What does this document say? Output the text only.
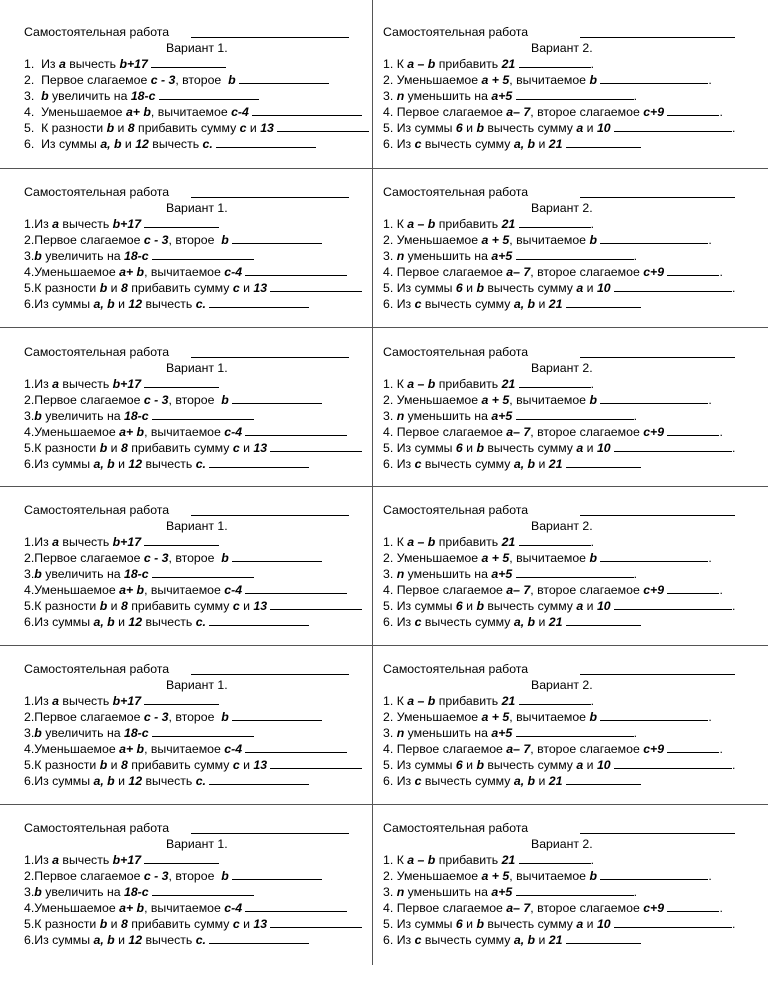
Самостоятельная работа
Вариант 1.
1.  Из a вычесть b+17
2.  Первое слагаемое c - 3, второе  b
3.  b увеличить на 18-c
4.  Уменьшаемое a+ b, вычитаемое c-4
5.  К разности b и 8 прибавить сумму c и 13
6.  Из суммы a, b и 12 вычесть c.
Самостоятельная работа
Вариант 2.
1. К a – b прибавить 21	.
2. Уменьшаемое a + 5, вычитаемое b	.
3. n уменьшить на a+5	.
4. Первое слагаемое a– 7, второе слагаемое c+9	.
5. Из суммы 6 и b вычесть сумму a и 10	.
6. Из c вычесть сумму a, b и 21
Самостоятельная работа
Вариант 1.
1.Из a вычесть b+17
2.Первое слагаемое c - 3, второе  b
3.b увеличить на 18-c
4.Уменьшаемое a+ b, вычитаемое c-4
5.К разности b и 8 прибавить сумму c и 13
6.Из суммы a, b и 12 вычесть c.
Самостоятельная работа
Вариант 2.
1. К a – b прибавить 21	.
2. Уменьшаемое a + 5, вычитаемое b	.
3. n уменьшить на a+5	.
4. Первое слагаемое a– 7, второе слагаемое c+9	.
5. Из суммы 6 и b вычесть сумму a и 10	.
6. Из c вычесть сумму a, b и 21
Самостоятельная работа
Вариант 1.
1.Из a вычесть b+17
2.Первое слагаемое c - 3, второе  b
3.b увеличить на 18-c
4.Уменьшаемое a+ b, вычитаемое c-4
5.К разности b и 8 прибавить сумму c и 13
6.Из суммы a, b и 12 вычесть c.
Самостоятельная работа
Вариант 2.
1. К a – b прибавить 21	.
2. Уменьшаемое a + 5, вычитаемое b	.
3. n уменьшить на a+5	.
4. Первое слагаемое a– 7, второе слагаемое c+9	.
5. Из суммы 6 и b вычесть сумму a и 10	.
6. Из c вычесть сумму a, b и 21
Самостоятельная работа
Вариант 1.
1.Из a вычесть b+17
2.Первое слагаемое c - 3, второе  b
3.b увеличить на 18-c
4.Уменьшаемое a+ b, вычитаемое c-4
5.К разности b и 8 прибавить сумму c и 13
6.Из суммы a, b и 12 вычесть c.
Самостоятельная работа
Вариант 2.
1. К a – b прибавить 21	.
2. Уменьшаемое a + 5, вычитаемое b	.
3. n уменьшить на a+5	.
4. Первое слагаемое a– 7, второе слагаемое c+9	.
5. Из суммы 6 и b вычесть сумму a и 10	.
6. Из c вычесть сумму a, b и 21
Самостоятельная работа
Вариант 1.
1.Из a вычесть b+17
2.Первое слагаемое c - 3, второе  b
3.b увеличить на 18-c
4.Уменьшаемое a+ b, вычитаемое c-4
5.К разности b и 8 прибавить сумму c и 13
6.Из суммы a, b и 12 вычесть c.
Самостоятельная работа
Вариант 2.
1. К a – b прибавить 21	.
2. Уменьшаемое a + 5, вычитаемое b	.
3. n уменьшить на a+5	.
4. Первое слагаемое a– 7, второе слагаемое c+9	.
5. Из суммы 6 и b вычесть сумму a и 10	.
6. Из c вычесть сумму a, b и 21
Самостоятельная работа
Вариант 1.
1.Из a вычесть b+17
2.Первое слагаемое c - 3, второе  b
3.b увеличить на 18-c
4.Уменьшаемое a+ b, вычитаемое c-4
5.К разности b и 8 прибавить сумму c и 13
6.Из суммы a, b и 12 вычесть c.
Самостоятельная работа
Вариант 2.
1. К a – b прибавить 21	.
2. Уменьшаемое a + 5, вычитаемое b	.
3. n уменьшить на a+5	.
4. Первое слагаемое a– 7, второе слагаемое c+9	.
5. Из суммы 6 и b вычесть сумму a и 10	.
6. Из c вычесть сумму a, b и 21
